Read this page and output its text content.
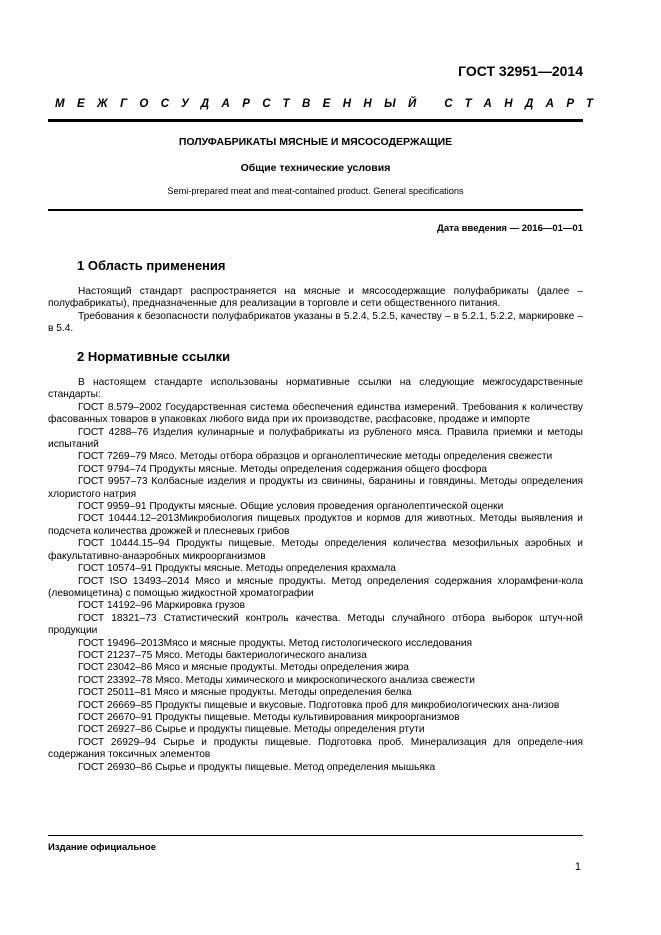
ГОСТ 32951—2014
МЕЖГОСУДАРСТВЕННЫЙ СТАНДАРТ
ПОЛУФАБРИКАТЫ МЯСНЫЕ И МЯСОСОДЕРЖАЩИЕ
Общие технические условия
Semi-prepared meat and meat-contained product. General specifications
Дата введения — 2016—01—01
1 Область применения

Настоящий стандарт распространяется на мясные и мясосодержащие полуфабрикаты (далее – полуфабрикаты), предназначенные для реализации в торговле и сети общественного питания.

Требования к безопасности полуфабрикатов указаны в 5.2.4, 5.2.5, качеству – в 5.2.1, 5.2.2, маркировке – в 5.4.

2 Нормативные ссылки

В настоящем стандарте использованы нормативные ссылки на следующие межгосударственные стандарты:

ГОСТ 8.579–2002 Государственная система обеспечения единства измерений. Требования к количеству фасованных товаров в упаковках любого вида при их производстве, расфасовке, продаже и импорте

ГОСТ 4288–76 Изделия кулинарные и полуфабрикаты из рубленого мяса. Правила приемки и методы испытаний

ГОСТ 7269–79 Мясо. Методы отбора образцов и органолептические методы определения свежести

ГОСТ 9794–74 Продукты мясные. Методы определения содержания общего фосфора

ГОСТ 9957–73 Колбасные изделия и продукты из свинины, баранины и говядины. Методы определения хлористого натрия

ГОСТ 9959–91 Продукты мясные. Общие условия проведения органолептической оценки

ГОСТ 10444.12–2013Микробиология пищевых продуктов и кормов для животных. Методы выявления и подсчета количества дрожжей и плесневых грибов

ГОСТ 10444.15–94 Продукты пищевые. Методы определения количества мезофильных аэробных и факультативно-анаэробных микроорганизмов

ГОСТ 10574–91 Продукты мясные. Методы определения крахмала

ГОСТ ISO 13493–2014 Мясо и мясные продукты. Метод определения содержания хлорамфени-кола (левомицетина) с помощью жидкостной хроматографии

ГОСТ 14192–96 Маркировка грузов

ГОСТ 18321–73 Статистический контроль качества. Методы случайного отбора выборок штуч-ной продукции

ГОСТ 19496–2013Мясо и мясные продукты. Метод гистологического исследования

ГОСТ 21237–75 Мясо. Методы бактериологического анализа

ГОСТ 23042–86 Мясо и мясные продукты. Методы определения жира

ГОСТ 23392–78 Мясо. Методы химического и микроскопического анализа свежести

ГОСТ 25011–81 Мясо и мясные продукты. Методы определения белка

ГОСТ 26669–85 Продукты пищевые и вкусовые. Подготовка проб для микробиологических ана-лизов

ГОСТ 26670–91 Продукты пищевые. Методы культивирования микроорганизмов

ГОСТ 26927–86 Сырье и продукты пищевые. Методы определения ртути

ГОСТ 26929–94 Сырье и продукты пищевые. Подготовка проб. Минерализация для определе-ния содержания токсичных элементов

ГОСТ 26930–86 Сырье и продукты пищевые. Метод определения мышьяка

Издание официальное
1
